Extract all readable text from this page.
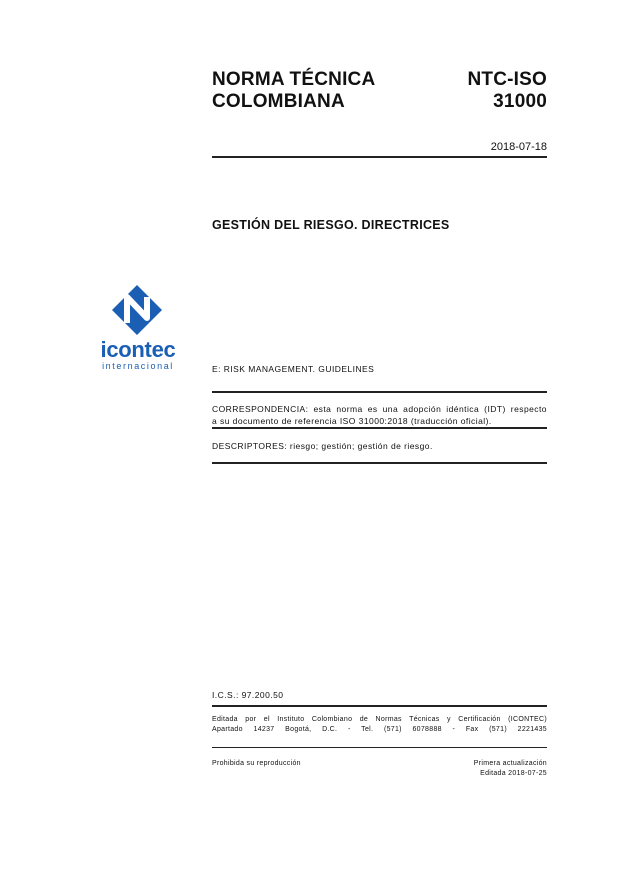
NORMA TÉCNICA
COLOMBIANA
NTC-ISO
31000
2018-07-18
GESTIÓN DEL RIESGO. DIRECTRICES
icontec
internacional	E: RISK MANAGEMENT. GUIDELINES
CORRESPONDENCIA: esta norma es una adopción idéntica (IDT) respecto
a su documento de referencia ISO 31000:2018 (traducción oficial).
DESCRIPTORES: riesgo; gestión; gestión de riesgo.
I.C.S.: 97.200.50
Editada por el Instituto Colombiano de Normas Técnicas y Certificación (ICONTEC)
Apartado 14237 Bogotá, D.C. - Tel. (571) 6078888 - Fax (571) 2221435
Prohibida su reproducción	Primera actualización
Editada 2018-07-25
